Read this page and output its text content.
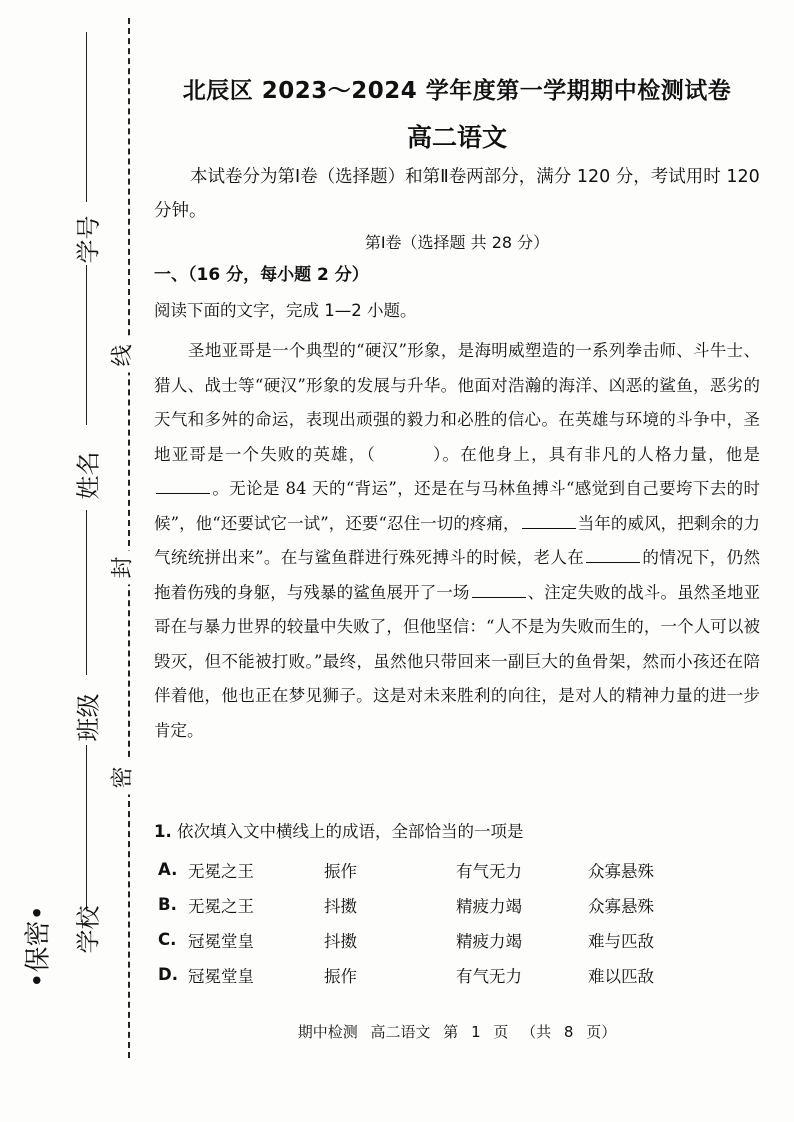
学号
姓名
班级
学校
•保密•
线
封
密
北辰区 2023～2024 学年度第一学期期中检测试卷
高二语文
本试卷分为第Ⅰ卷（选择题）和第Ⅱ卷两部分，满分 120 分，考试用时 120 分钟。
第Ⅰ卷（选择题 共 28 分）
一、（16 分，每小题 2 分）
阅读下面的文字，完成 1—2 小题。

圣地亚哥是一个典型的“硬汉”形象，是海明威塑造的一系列拳击师、斗牛士、猎人、战士等“硬汉”形象的发展与升华。他面对浩瀚的海洋、凶恶的鲨鱼，恶劣的天气和多舛的命运，表现出顽强的毅力和必胜的信心。在英雄与环境的斗争中，圣地亚哥是一个失败的英雄，（	）。在他身上，具有非凡的人格力量，他是。无论是 84 天的“背运”，还是在与马林鱼搏斗“感觉到自己要垮下去的时候”，他“还要试它一试”，还要“忍住一切的疼痛，	当年的威风，把剩余的力气统统拼出来”。在与鲨鱼群进行殊死搏斗的时候，老人在	的情况下，仍然拖着伤残的身躯，与残暴的鲨鱼展开了一场	、注定失败的战斗。虽然圣地亚哥在与暴力世界的较量中失败了，但他坚信：“人不是为失败而生的，一个人可以被毁灭，但不能被打败。”最终，虽然他只带回来一副巨大的鱼骨架，然而小孩还在陪伴着他，他也正在梦见狮子。这是对未来胜利的向往，是对人的精神力量的进一步肯定。

1. 依次填入文中横线上的成语，全部恰当的一项是
A. 无冕之王	振作	有气无力	众寡悬殊
B. 无冕之王	抖擞	精疲力竭	众寡悬殊
C. 冠冕堂皇	抖擞	精疲力竭	难与匹敌
D. 冠冕堂皇	振作	有气无力	难以匹敌
期中检测 高二语文 第 1 页 （共 8 页）
